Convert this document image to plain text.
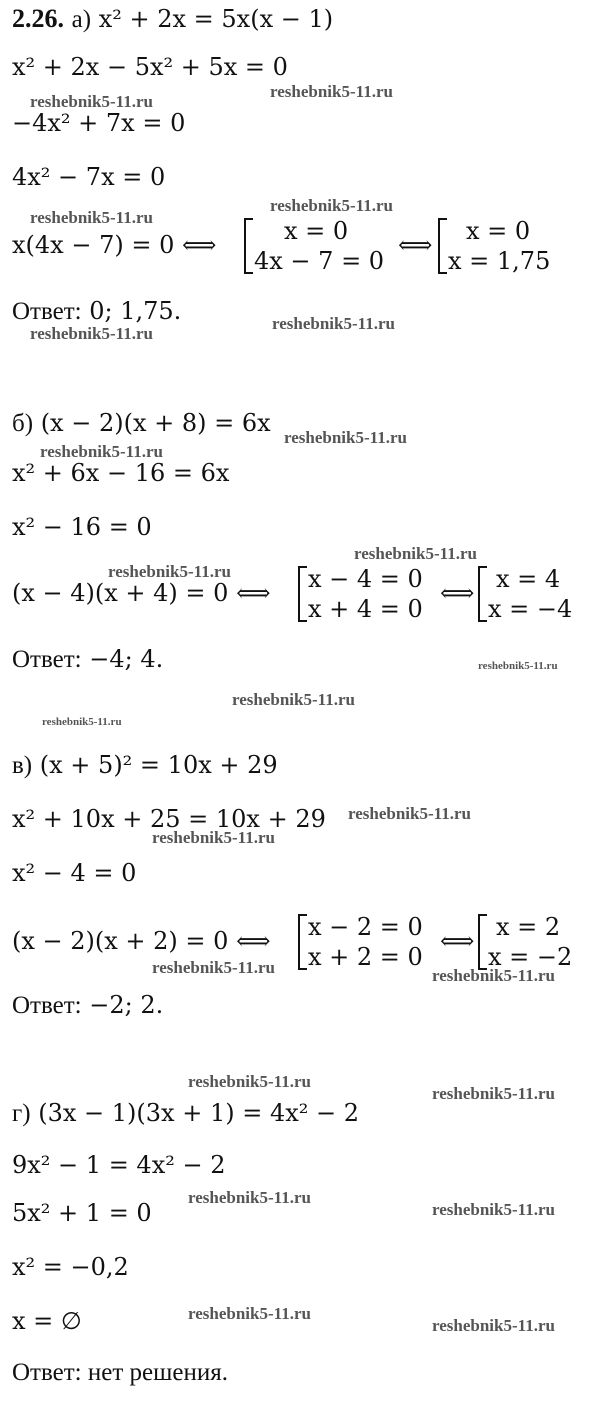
2.26. а) x² + 2x = 5x(x − 1)
x² + 2x − 5x² + 5x = 0
−4x² + 7x = 0
4x² − 7x = 0
x(4x − 7) = 0 ⟺	x = 0
4x − 7 = 0
⟺ x = 0
x = 1,75
Ответ: 0; 1,75.
б) (x − 2)(x + 8) = 6x
x² + 6x − 16 = 6x
x² − 16 = 0
(x − 4)(x + 4) = 0 ⟺ x − 4 = 0
x + 4 = 0
⟺ x = 4
x = −4
Ответ: −4; 4.
в) (x + 5)² = 10x + 29
x² + 10x + 25 = 10x + 29
x² − 4 = 0
(x − 2)(x + 2) = 0 ⟺ x − 2 = 0
x + 2 = 0
⟺ x = 2
x = −2
Ответ: −2; 2.
г) (3x − 1)(3x + 1) = 4x² − 2
9x² − 1 = 4x² − 2
5x² + 1 = 0
x² = −0,2
x = ∅
Ответ: нет решения.
reshebnik5-11.ru
reshebnik5-11.ru
reshebnik5-11.ru
reshebnik5-11.ru
reshebnik5-11.ru
reshebnik5-11.ru
reshebnik5-11.ru
reshebnik5-11.ru
reshebnik5-11.ru
reshebnik5-11.ru
reshebnik5-11.ru
reshebnik5-11.ru
reshebnik5-11.ru
reshebnik5-11.ru
reshebnik5-11.ru
reshebnik5-11.ru	reshebnik5-11.ru
reshebnik5-11.ru
reshebnik5-11.ru
reshebnik5-11.ru
reshebnik5-11.ru
reshebnik5-11.ru
reshebnik5-11.ru
